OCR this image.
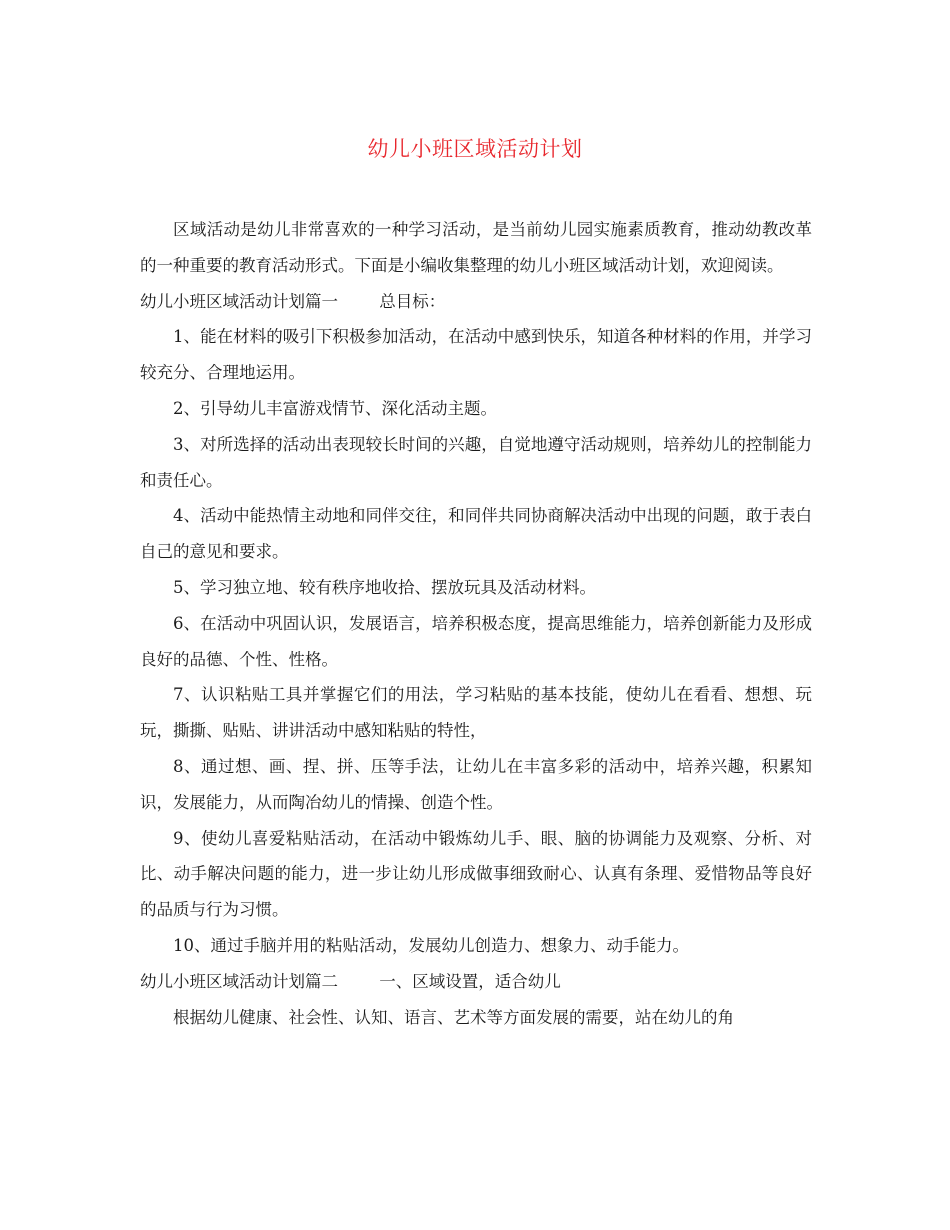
幼儿小班区域活动计划

区域活动是幼儿非常喜欢的一种学习活动，是当前幼儿园实施素质教育，推动幼教改革的一种重要的教育活动形式。下面是小编收集整理的幼儿小班区域活动计划，欢迎阅读。

幼儿小班区域活动计划篇一	总目标：

1、能在材料的吸引下积极参加活动，在活动中感到快乐，知道各种材料的作用，并学习较充分、合理地运用。

2、引导幼儿丰富游戏情节、深化活动主题。

3、对所选择的活动出表现较长时间的兴趣，自觉地遵守活动规则，培养幼儿的控制能力和责任心。

4、活动中能热情主动地和同伴交往，和同伴共同协商解决活动中出现的问题，敢于表白自己的意见和要求。

5、学习独立地、较有秩序地收拾、摆放玩具及活动材料。

6、在活动中巩固认识，发展语言，培养积极态度，提高思维能力，培养创新能力及形成良好的品德、个性、性格。

7、认识粘贴工具并掌握它们的用法，学习粘贴的基本技能，使幼儿在看看、想想、玩玩，撕撕、贴贴、讲讲活动中感知粘贴的特性，

8、通过想、画、捏、拼、压等手法，让幼儿在丰富多彩的活动中，培养兴趣，积累知识，发展能力，从而陶冶幼儿的情操、创造个性。

9、使幼儿喜爱粘贴活动，在活动中锻炼幼儿手、眼、脑的协调能力及观察、分析、对比、动手解决问题的能力，进一步让幼儿形成做事细致耐心、认真有条理、爱惜物品等良好的品质与行为习惯。

10、通过手脑并用的粘贴活动，发展幼儿创造力、想象力、动手能力。

幼儿小班区域活动计划篇二	一、区域设置，适合幼儿

根据幼儿健康、社会性、认知、语言、艺术等方面发展的需要，站在幼儿的角
